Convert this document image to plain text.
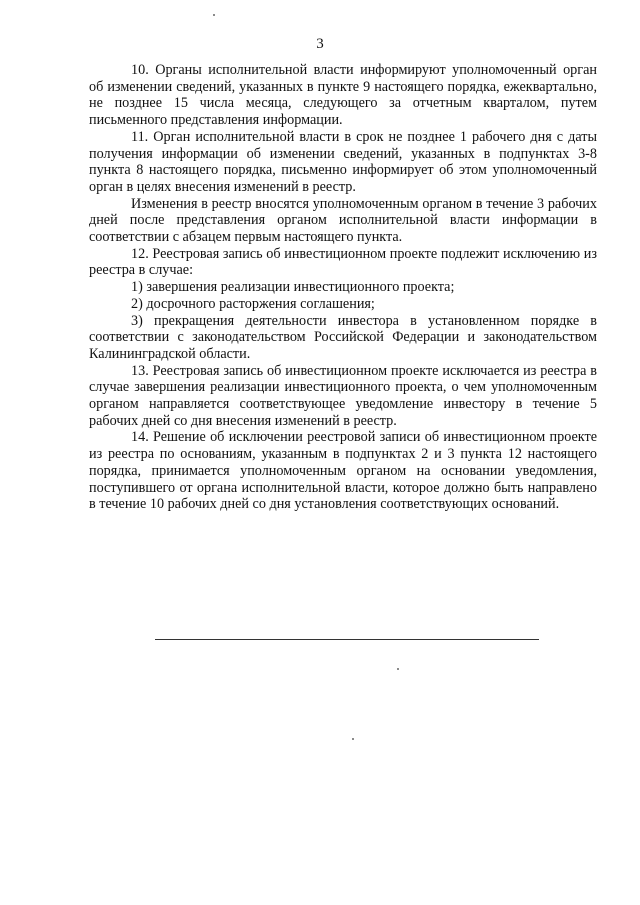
3

10. Органы исполнительной власти информируют уполномоченный орган об изменении сведений, указанных в пункте 9 настоящего порядка, ежеквартально, не позднее 15 числа месяца, следующего за отчетным кварталом, путем письменного представления информации.

11. Орган исполнительной власти в срок не позднее 1 рабочего дня с даты получения информации об изменении сведений, указанных в подпунктах 3-8 пункта 8 настоящего порядка, письменно информирует об этом уполномоченный орган в целях внесения изменений в реестр.

Изменения в реестр вносятся уполномоченным органом в течение 3 рабочих дней после представления органом исполнительной власти информации в соответствии с абзацем первым настоящего пункта.

12. Реестровая запись об инвестиционном проекте подлежит исключению из реестра в случае:

1) завершения реализации инвестиционного проекта;

2) досрочного расторжения соглашения;

3) прекращения деятельности инвестора в установленном порядке в соответствии с законодательством Российской Федерации и законодательством Калининградской области.

13. Реестровая запись об инвестиционном проекте исключается из реестра в случае завершения реализации инвестиционного проекта, о чем уполномоченным органом направляется соответствующее уведомление инвестору в течение 5 рабочих дней со дня внесения изменений в реестр.

14. Решение об исключении реестровой записи об инвестиционном проекте из реестра по основаниям, указанным в подпунктах 2 и 3 пункта 12 настоящего порядка, принимается уполномоченным органом на основании уведомления, поступившего от органа исполнительной власти, которое должно быть направлено в течение 10 рабочих дней со дня установления соответствующих оснований.
